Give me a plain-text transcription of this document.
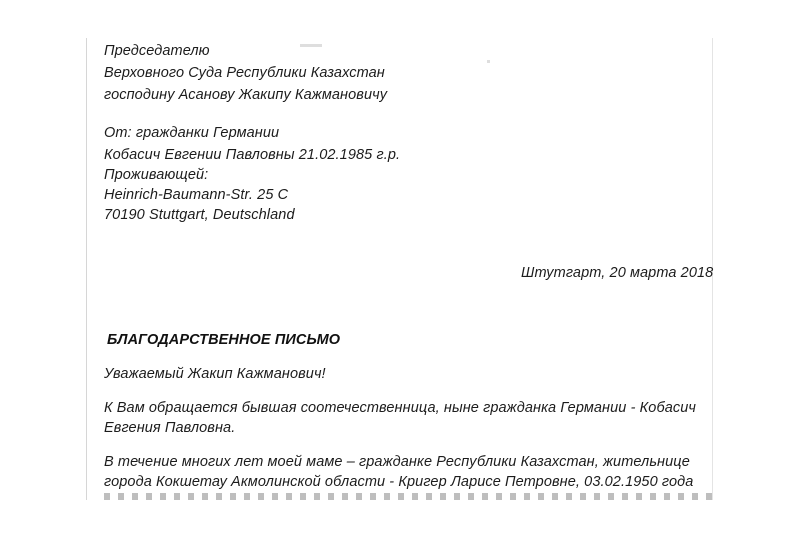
Председателю
Верховного Суда Республики Казахстан
господину Асанову Жакипу Кажмановичу
От: гражданки Германии
Кобасич Евгении Павловны 21.02.1985 г.р.
Проживающей:
Heinrich-Baumann-Str. 25 C
70190 Stuttgart, Deutschland
Штутгарт, 20 марта 2018
БЛАГОДАРСТВЕННОЕ ПИСЬМО
Уважаемый Жакип Кажманович!
К Вам обращается бывшая соотечественница, ныне гражданка Германии - Кобасич
Евгения Павловна.
В течение многих лет моей маме – гражданке Республики Казахстан, жительнице
города Кокшетау Акмолинской области - Кригер Ларисе Петровне, 03.02.1950 года
